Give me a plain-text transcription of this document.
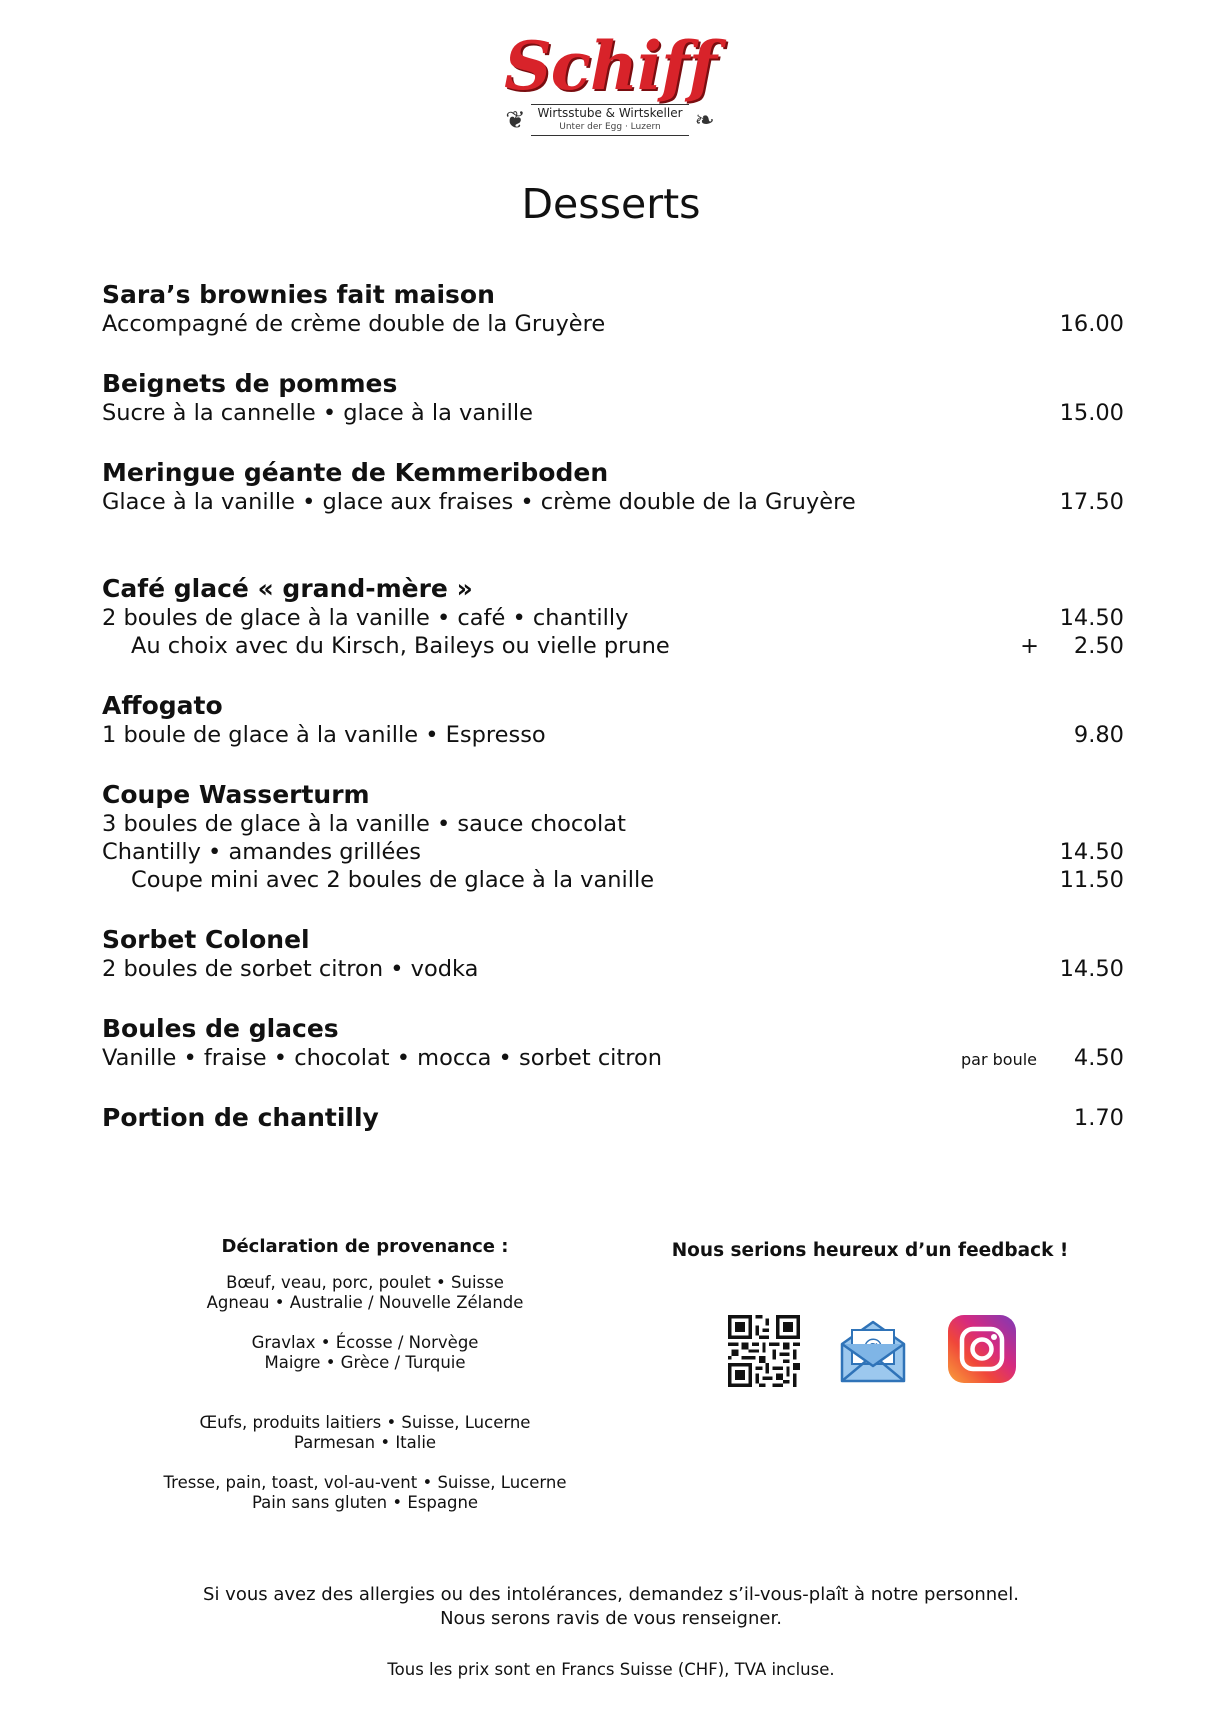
Schiff
❦ Wirtsstube & Wirtskeller
Unter der Egg · Luzern	❧
Desserts
Sara’s brownies fait maison
Accompagné de crème double de la Gruyère	16.00
Beignets de pommes
Sucre à la cannelle • glace à la vanille	15.00
Meringue géante de Kemmeriboden
Glace à la vanille • glace aux fraises • crème double de la Gruyère	17.50
Café glacé « grand-mère »
2 boules de glace à la vanille • café • chantilly	14.50
Au choix avec du Kirsch, Baileys ou vielle prune	+	2.50
Affogato
1 boule de glace à la vanille • Espresso	9.80
Coupe Wasserturm
3 boules de glace à la vanille • sauce chocolat
Chantilly • amandes grillées	14.50
Coupe mini avec 2 boules de glace à la vanille	11.50
Sorbet Colonel
2 boules de sorbet citron • vodka	14.50
Boules de glaces
Vanille • fraise • chocolat • mocca • sorbet citron	par boule	4.50
Portion de chantilly	1.70
Déclaration de provenance :
Bœuf, veau, porc, poulet • Suisse
Agneau • Australie / Nouvelle Zélande
Gravlax • Écosse / Norvège
Maigre • Grèce / Turquie
Œufs, produits laitiers • Suisse, Lucerne
Parmesan • Italie
Tresse, pain, toast, vol-au-vent • Suisse, Lucerne
Pain sans gluten • Espagne
Nous serions heureux d’un feedback !
Si vous avez des allergies ou des intolérances, demandez s’il-vous-plaît à notre personnel.
Nous serons ravis de vous renseigner.
Tous les prix sont en Francs Suisse (CHF), TVA incluse.
